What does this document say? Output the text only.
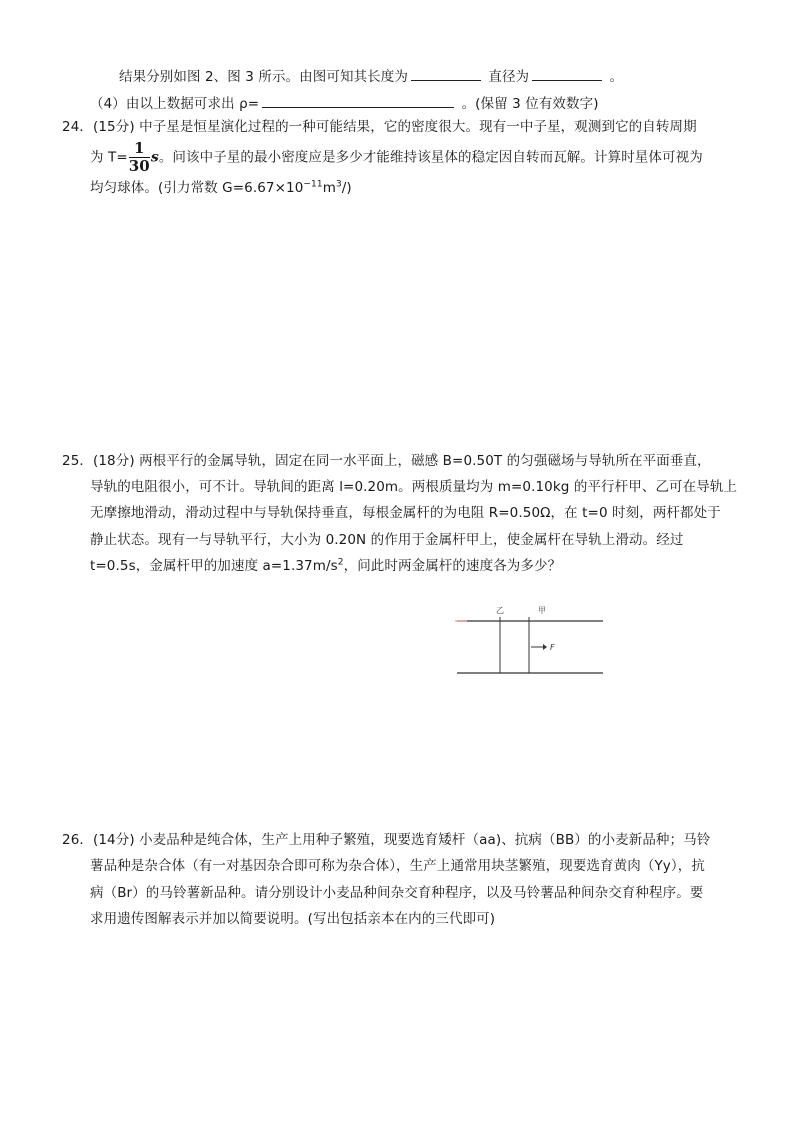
结果分别如图 2、图 3 所示。由图可知其长度为	直径为	。
（4）由以上数据可求出 ρ=	。(保留 3 位有效数字)
24．(15分) 中子星是恒星演化过程的一种可能结果，它的密度很大。现有一中子星，观测到它的自转周期
为 $T= \frac{1}{30}$ s。问该中子星的最小密度应是多少才能维持该星体的稳定因自转而瓦解。计算时星体可视为
均匀球体。(引力常数 $G=6.67\times 10^{-11}m^3/$)
25．(18分) 两根平行的金属导轨，固定在同一水平面上，磁感 B=0.50T 的匀强磁场与导轨所在平面垂直，
导轨的电阻很小，可不计。导轨间的距离 l=0.20m。两根质量均为 m=0.10kg 的平行杆甲、乙可在导轨上
无摩擦地滑动，滑动过程中与导轨保持垂直，每根金属杆的为电阻 R=0.50Ω，在 t=0 时刻，两杆都处于
静止状态。现有一与导轨平行，大小为 0.20N 的作用于金属杆甲上，使金属杆在导轨上滑动。经过
t=0.5s，金属杆甲的加速度 $a=1.37m/s^2$，问此时两金属杆的速度各为多少？
乙	甲
F
26．(14分) 小麦品种是纯合体，生产上用种子繁殖，现要选育矮杆（aa)、抗病（BB）的小麦新品种；马铃
薯品种是杂合体（有一对基因杂合即可称为杂合体），生产上通常用块茎繁殖，现要选育黄肉（Yy），抗
病（Br）的马铃薯新品种。请分别设计小麦品种间杂交育种程序，以及马铃薯品种间杂交育种程序。要
求用遗传图解表示并加以简要说明。(写出包括亲本在内的三代即可)
